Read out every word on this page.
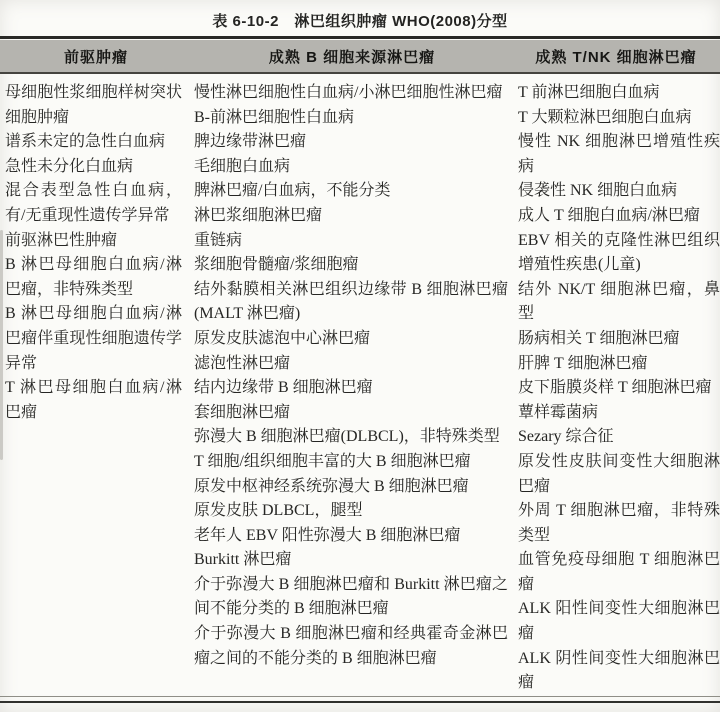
表 6-10-2　淋巴组织肿瘤 WHO(2008)分型
前驱肿瘤	成熟 B 细胞来源淋巴瘤	成熟 T/NK 细胞淋巴瘤
母细胞性浆细胞样树突状细胞肿瘤
谱系未定的急性白血病
急性未分化白血病
混合表型急性白血病，有/无重现性遗传学异常
前驱淋巴性肿瘤
B 淋巴母细胞白血病/淋巴瘤，非特殊类型
B 淋巴母细胞白血病/淋巴瘤伴重现性细胞遗传学异常
T 淋巴母细胞白血病/淋巴瘤
慢性淋巴细胞性白血病/小淋巴细胞性淋巴瘤
B-前淋巴细胞性白血病
脾边缘带淋巴瘤
毛细胞白血病
脾淋巴瘤/白血病，不能分类
淋巴浆细胞淋巴瘤
重链病
浆细胞骨髓瘤/浆细胞瘤
结外黏膜相关淋巴组织边缘带 B 细胞淋巴瘤(MALT 淋巴瘤)
原发皮肤滤泡中心淋巴瘤
滤泡性淋巴瘤
结内边缘带 B 细胞淋巴瘤
套细胞淋巴瘤
弥漫大 B 细胞淋巴瘤(DLBCL)，非特殊类型
T 细胞/组织细胞丰富的大 B 细胞淋巴瘤
原发中枢神经系统弥漫大 B 细胞淋巴瘤
原发皮肤 DLBCL，腿型
老年人 EBV 阳性弥漫大 B 细胞淋巴瘤
Burkitt 淋巴瘤
介于弥漫大 B 细胞淋巴瘤和 Burkitt 淋巴瘤之间不能分类的 B 细胞淋巴瘤
介于弥漫大 B 细胞淋巴瘤和经典霍奇金淋巴瘤之间的不能分类的 B 细胞淋巴瘤
T 前淋巴细胞白血病
T 大颗粒淋巴细胞白血病
慢性 NK 细胞淋巴增殖性疾病
侵袭性 NK 细胞白血病
成人 T 细胞白血病/淋巴瘤
EBV 相关的克隆性淋巴组织增殖性疾患(儿童)
结外 NK/T 细胞淋巴瘤，鼻型
肠病相关 T 细胞淋巴瘤
肝脾 T 细胞淋巴瘤
皮下脂膜炎样 T 细胞淋巴瘤
蕈样霉菌病
Sezary 综合征
原发性皮肤间变性大细胞淋巴瘤
外周 T 细胞淋巴瘤，非特殊类型
血管免疫母细胞 T 细胞淋巴瘤
ALK 阳性间变性大细胞淋巴瘤
ALK 阴性间变性大细胞淋巴瘤
